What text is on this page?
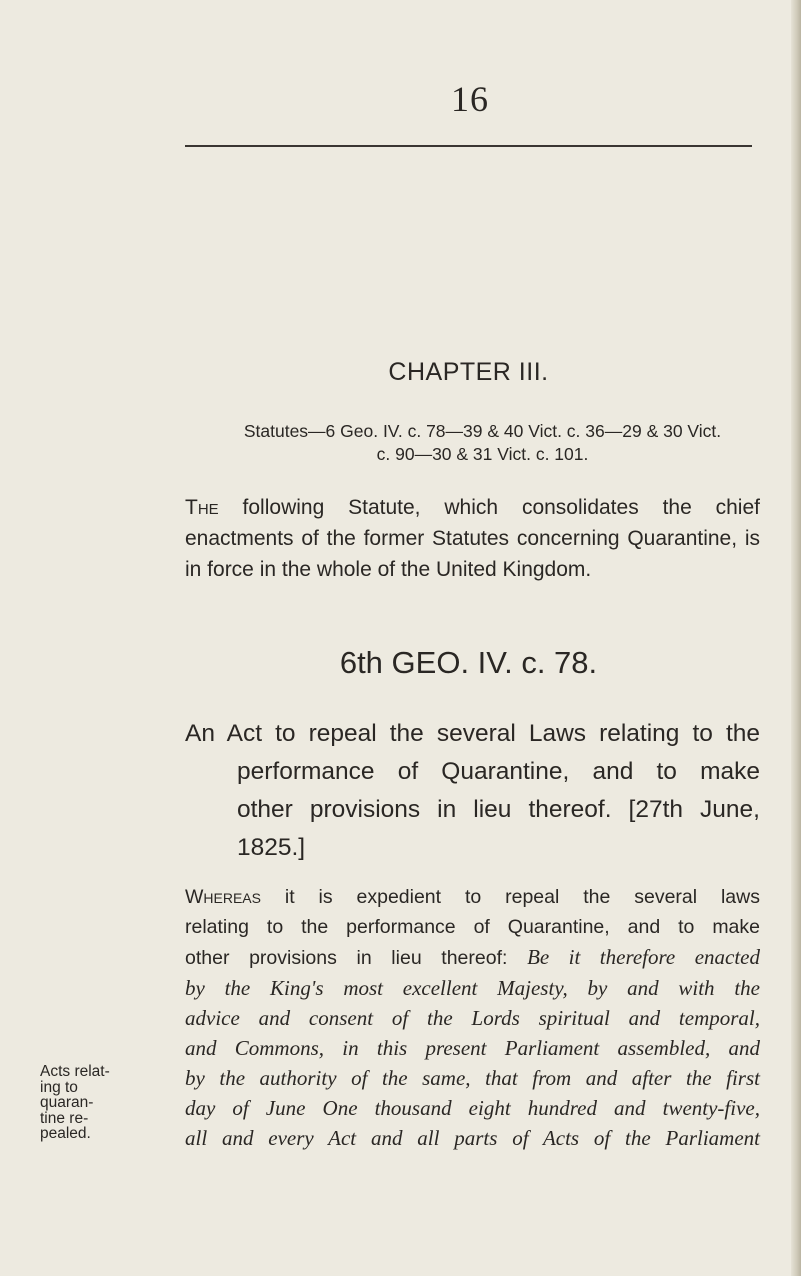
16
CHAPTER III.
Statutes—6 Geo. IV. c. 78—39 & 40 Vict. c. 36—29 & 30 Vict.
c. 90—30 & 31 Vict. c. 101.

The following Statute, which consolidates the chief enactments of the former Statutes concerning Quarantine, is in force in the whole of the United Kingdom.

6th GEO. IV. c. 78.

An Act to repeal the several Laws relating to the
performance of Quarantine, and to make
other provisions in lieu thereof. [27th June,
1825.]

Whereas it is expedient to repeal the several laws
relating to the performance of Quarantine, and to make
other provisions in lieu thereof: Be it therefore enacted
by the King's most excellent Majesty, by and with the
advice and consent of the Lords spiritual and temporal,
and Commons, in this present Parliament assembled, and
by the authority of the same, that from and after the first
day of June One thousand eight hundred and twenty-five,
all and every Act and all parts of Acts of the Parliament

Acts relat-
ing to
quaran-
tine re-
pealed.
